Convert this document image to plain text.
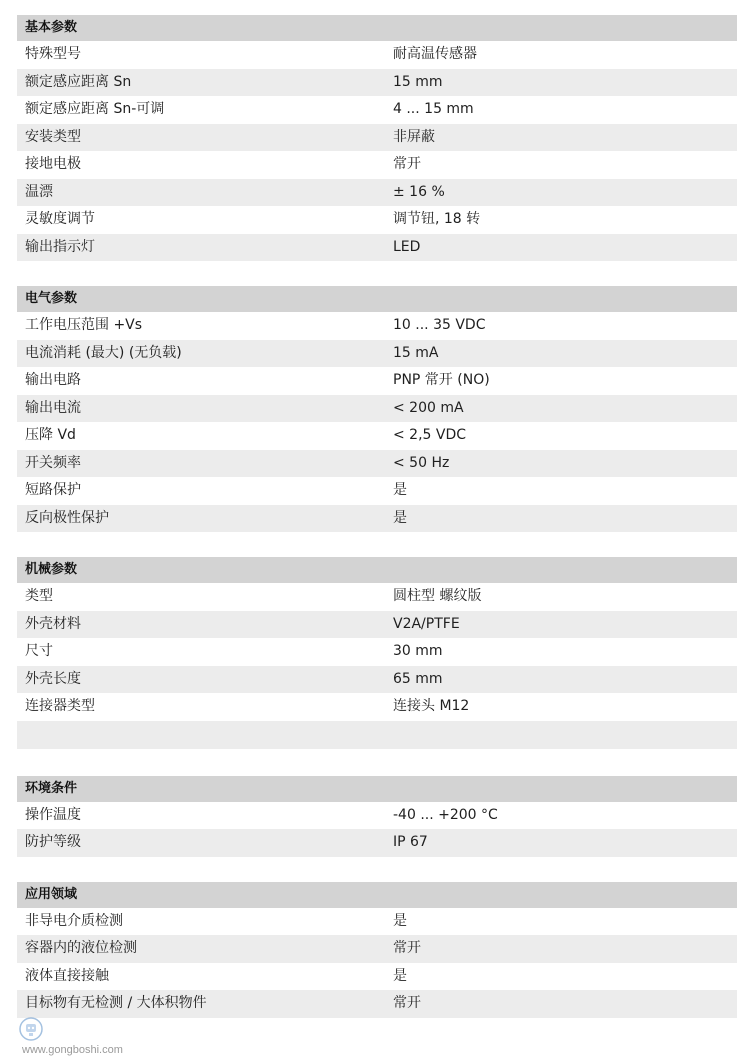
基本参数
特殊型号	耐高温传感器
额定感应距离 Sn	15 mm
额定感应距离 Sn-可调	4 ... 15 mm
安装类型	非屏蔽
接地电极	常开
温漂	± 16 %
灵敏度调节	调节钮, 18 转
输出指示灯	LED
电气参数
工作电压范围 +Vs	10 ... 35 VDC
电流消耗 (最大) (无负载)	15 mA
输出电路	PNP 常开 (NO)
输出电流	< 200 mA
压降 Vd	< 2,5 VDC
开关频率	< 50 Hz
短路保护	是
反向极性保护	是
机械参数
类型	圆柱型 螺纹版
外壳材料	V2A/PTFE
尺寸	30 mm
外壳长度	65 mm
连接器类型	连接头 M12
环境条件
操作温度	-40 ... +200 °C
防护等级	IP 67
应用领域
非导电介质检测	是
容器内的液位检测	常开
液体直接接触	是
目标物有无检测 / 大体积物件	常开
www.gongboshi.com
